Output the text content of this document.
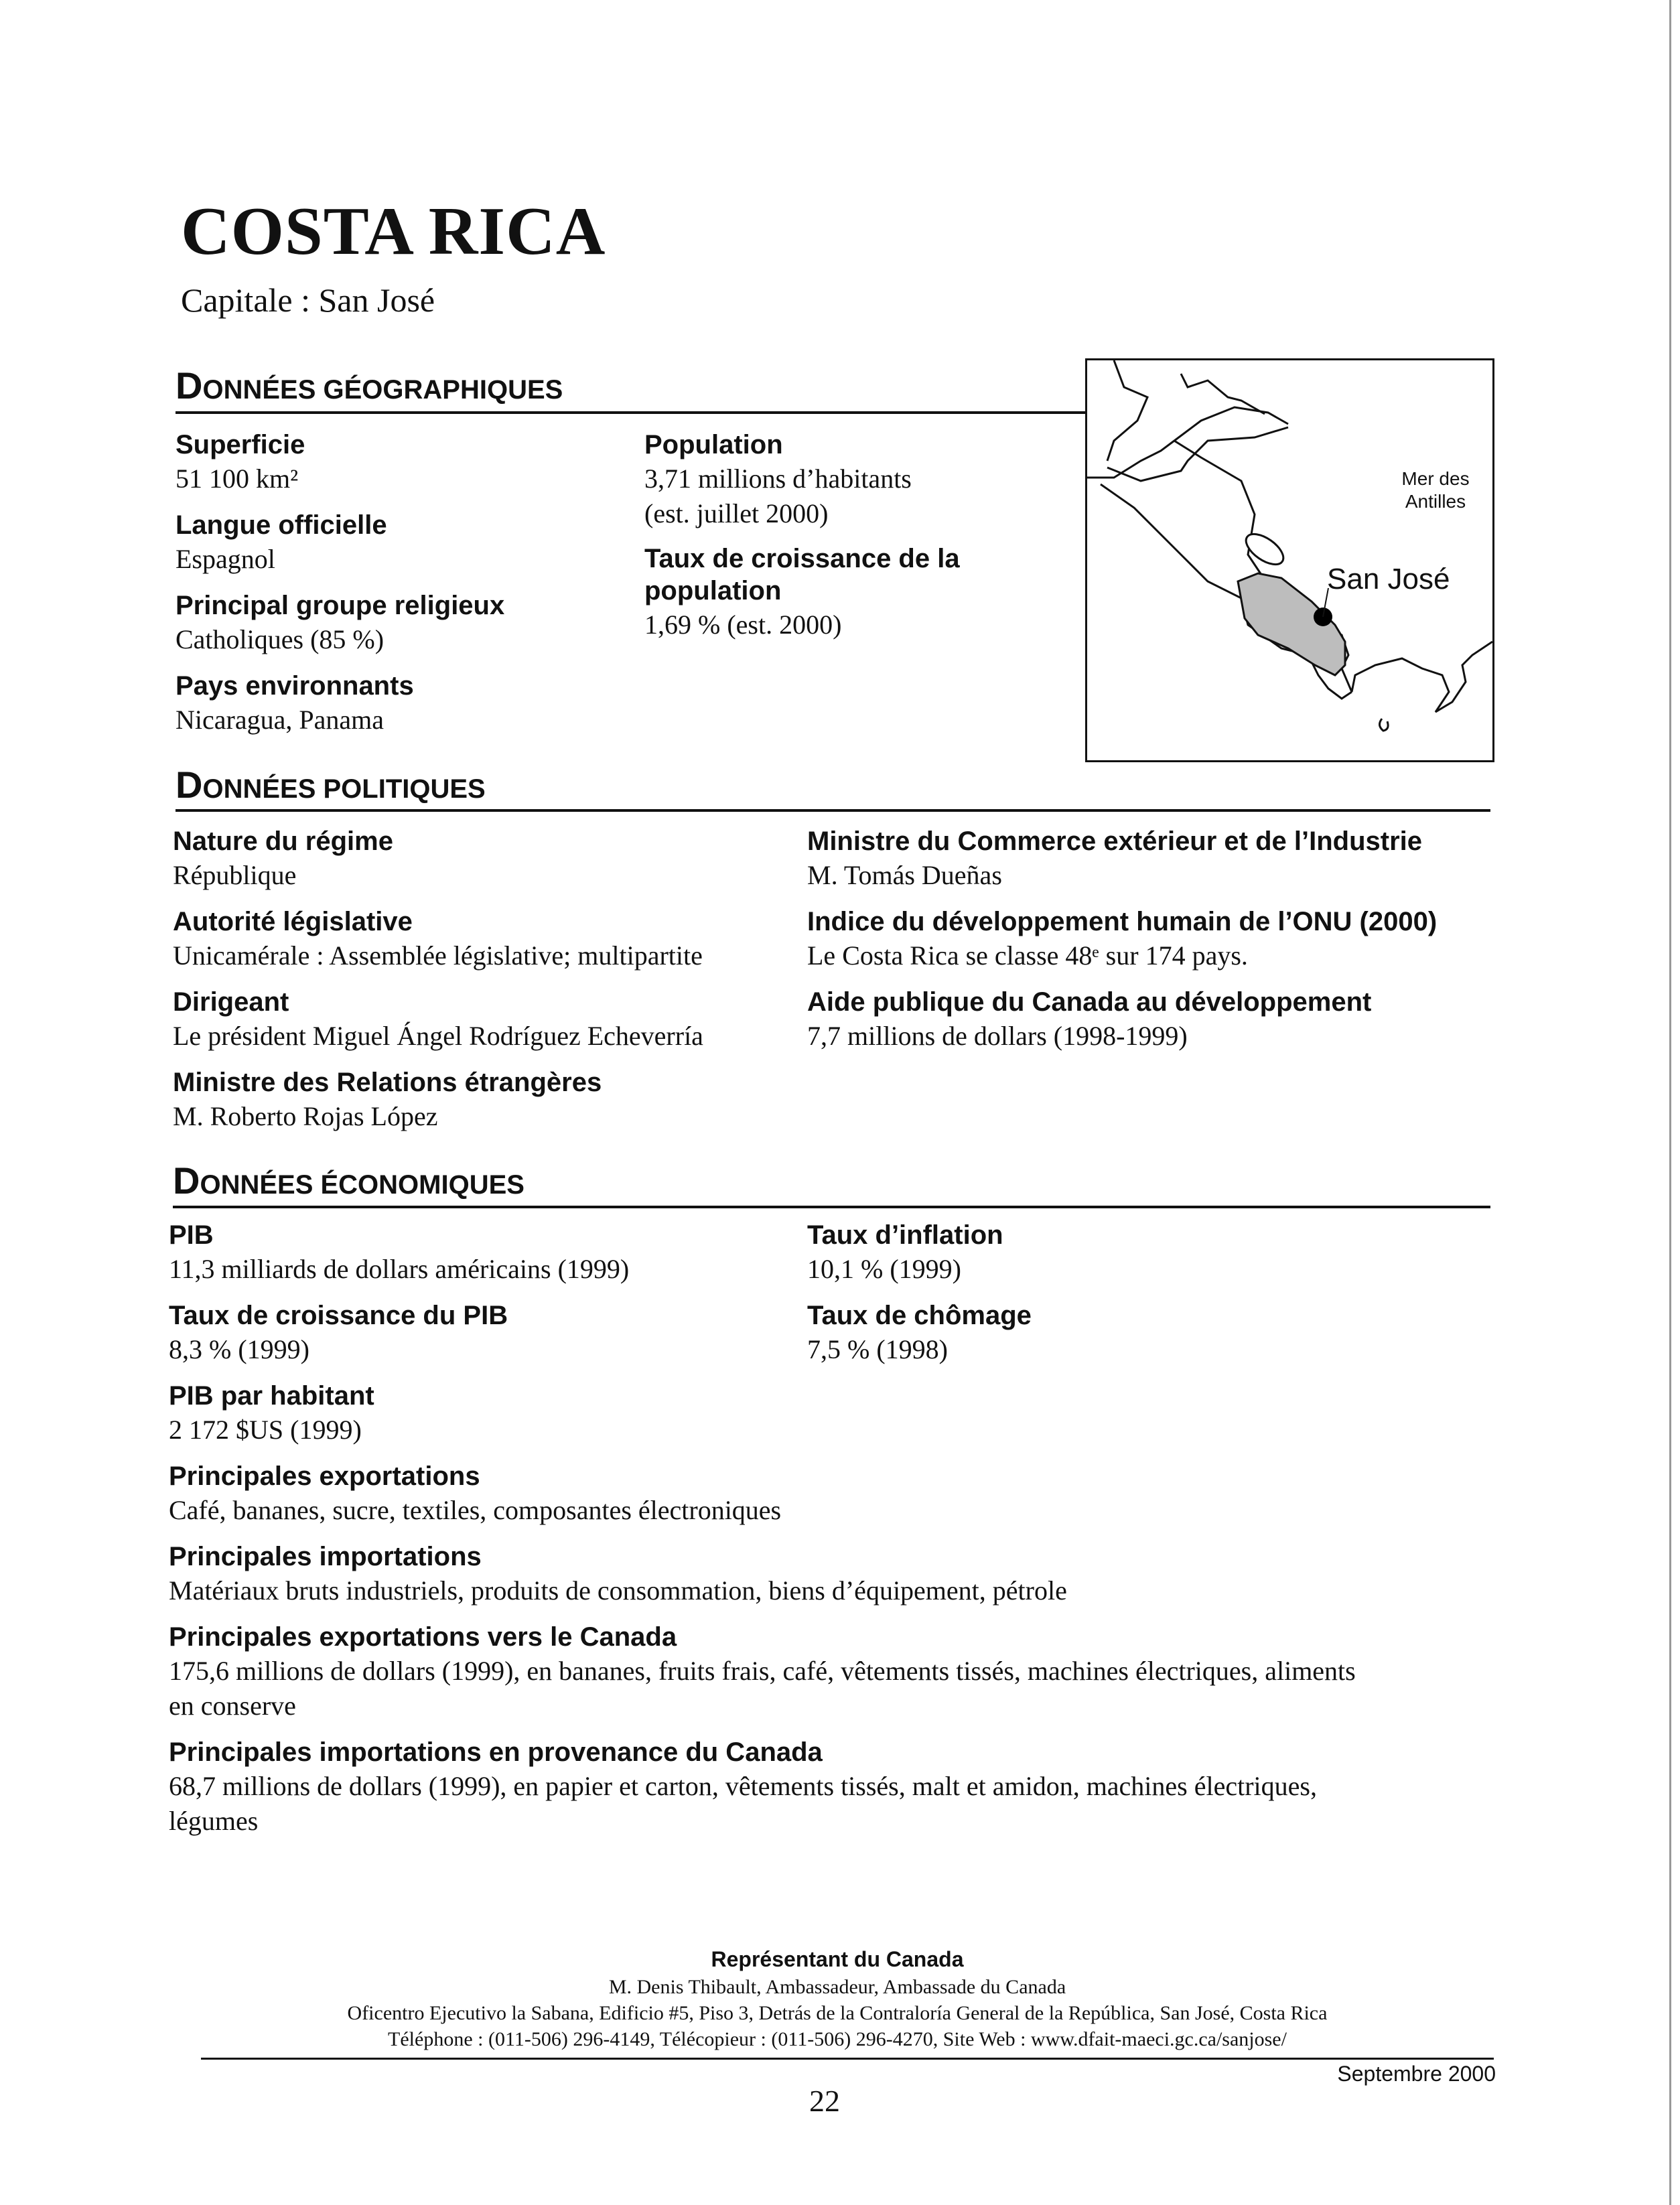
COSTA RICA
Capitale : San José
DONNÉES GÉOGRAPHIQUES
Superficie
51 100 km²
Langue officielle
Espagnol
Principal groupe religieux
Catholiques (85 %)
Pays environnants
Nicaragua, Panama
Population
3,71 millions d’habitants
(est. juillet 2000)
Taux de croissance de la
population
1,69 % (est. 2000)
Mer des
Antilles
San José
DONNÉES POLITIQUES
Nature du régime
République
Autorité législative
Unicamérale : Assemblée législative; multipartite
Dirigeant
Le président Miguel Ángel Rodríguez Echeverría
Ministre des Relations étrangères
M. Roberto Rojas López
Ministre du Commerce extérieur et de l’Industrie
M. Tomás Dueñas
Indice du développement humain de l’ONU (2000)
Le Costa Rica se classe 48ᵉ sur 174 pays.
Aide publique du Canada au développement
7,7 millions de dollars (1998-1999)
DONNÉES ÉCONOMIQUES
PIB
11,3 milliards de dollars américains (1999)
Taux de croissance du PIB
8,3 % (1999)
PIB par habitant
2 172 $US (1999)
Taux d’inflation
10,1 % (1999)
Taux de chômage
7,5 % (1998)
Principales exportations
Café, bananes, sucre, textiles, composantes électroniques
Principales importations
Matériaux bruts industriels, produits de consommation, biens d’équipement, pétrole
Principales exportations vers le Canada
175,6 millions de dollars (1999), en bananes, fruits frais, café, vêtements tissés, machines électriques, aliments
en conserve
Principales importations en provenance du Canada
68,7 millions de dollars (1999), en papier et carton, vêtements tissés, malt et amidon, machines électriques,
légumes
Représentant du Canada
M. Denis Thibault, Ambassadeur, Ambassade du Canada
Oficentro Ejecutivo la Sabana, Edificio #5, Piso 3, Detrás de la Contraloría General de la República, San José, Costa Rica
Téléphone : (011-506) 296-4149, Télécopieur : (011-506) 296-4270, Site Web : www.dfait-maeci.gc.ca/sanjose/
Septembre 2000
22
